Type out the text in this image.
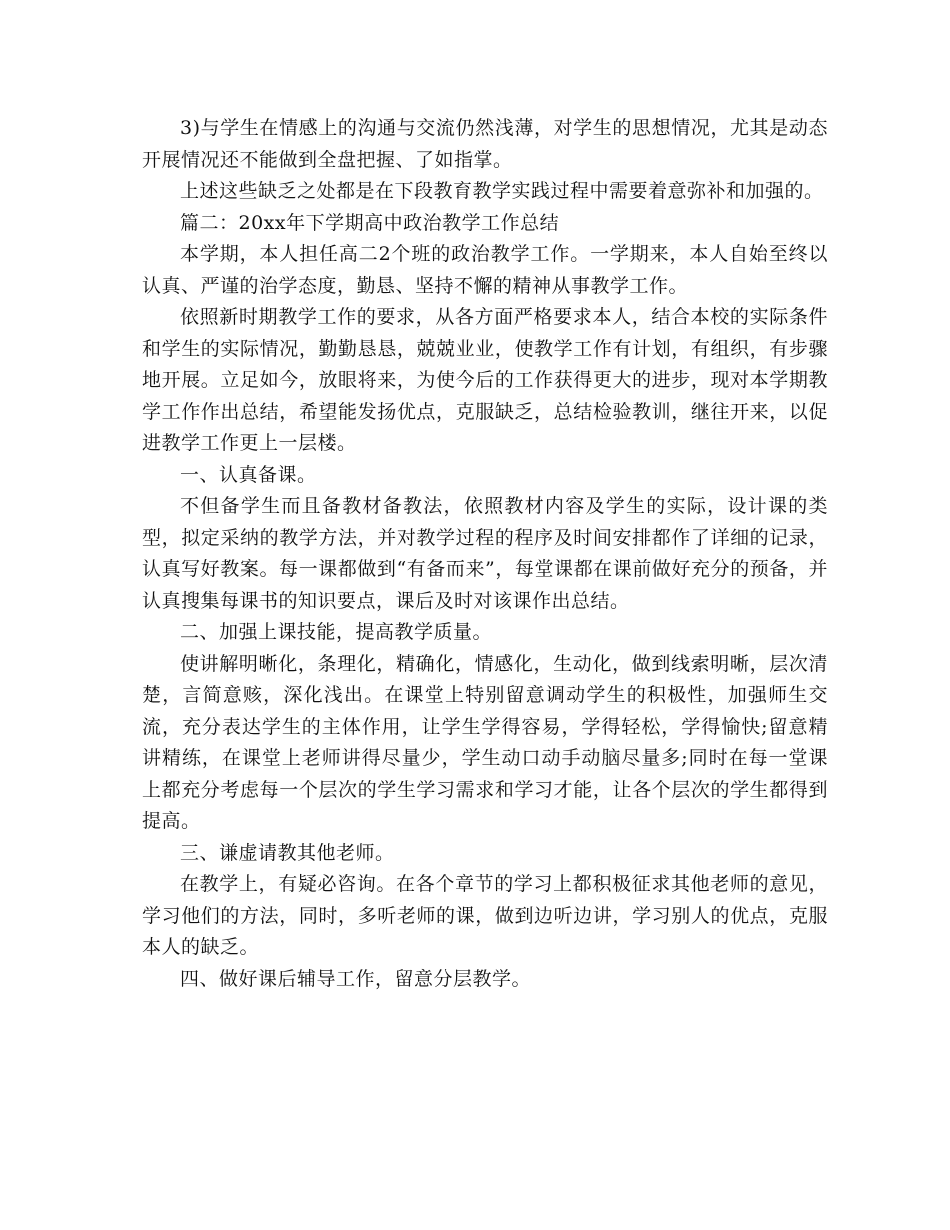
3)与学生在情感上的沟通与交流仍然浅薄，对学生的思想情况，尤其是动态开展情况还不能做到全盘把握、了如指掌。

上述这些缺乏之处都是在下段教育教学实践过程中需要着意弥补和加强的。

篇二：20xx年下学期高中政治教学工作总结

本学期，本人担任高二2个班的政治教学工作。一学期来，本人自始至终以认真、严谨的治学态度，勤恳、坚持不懈的精神从事教学工作。

依照新时期教学工作的要求，从各方面严格要求本人，结合本校的实际条件和学生的实际情况，勤勤恳恳，兢兢业业，使教学工作有计划，有组织，有步骤地开展。立足如今，放眼将来，为使今后的工作获得更大的进步，现对本学期教学工作作出总结，希望能发扬优点，克服缺乏，总结检验教训，继往开来，以促进教学工作更上一层楼。

一、认真备课。

不但备学生而且备教材备教法，依照教材内容及学生的实际，设计课的类型，拟定采纳的教学方法，并对教学过程的程序及时间安排都作了详细的记录，认真写好教案。每一课都做到“有备而来”，每堂课都在课前做好充分的预备，并认真搜集每课书的知识要点，课后及时对该课作出总结。

二、加强上课技能，提高教学质量。

使讲解明晰化，条理化，精确化，情感化，生动化，做到线索明晰，层次清楚，言简意赅，深化浅出。在课堂上特别留意调动学生的积极性，加强师生交流，充分表达学生的主体作用，让学生学得容易，学得轻松，学得愉快;留意精讲精练，在课堂上老师讲得尽量少，学生动口动手动脑尽量多;同时在每一堂课上都充分考虑每一个层次的学生学习需求和学习才能，让各个层次的学生都得到提高。

三、谦虚请教其他老师。

在教学上，有疑必咨询。在各个章节的学习上都积极征求其他老师的意见，学习他们的方法，同时，多听老师的课，做到边听边讲，学习别人的优点，克服本人的缺乏。

四、做好课后辅导工作，留意分层教学。
